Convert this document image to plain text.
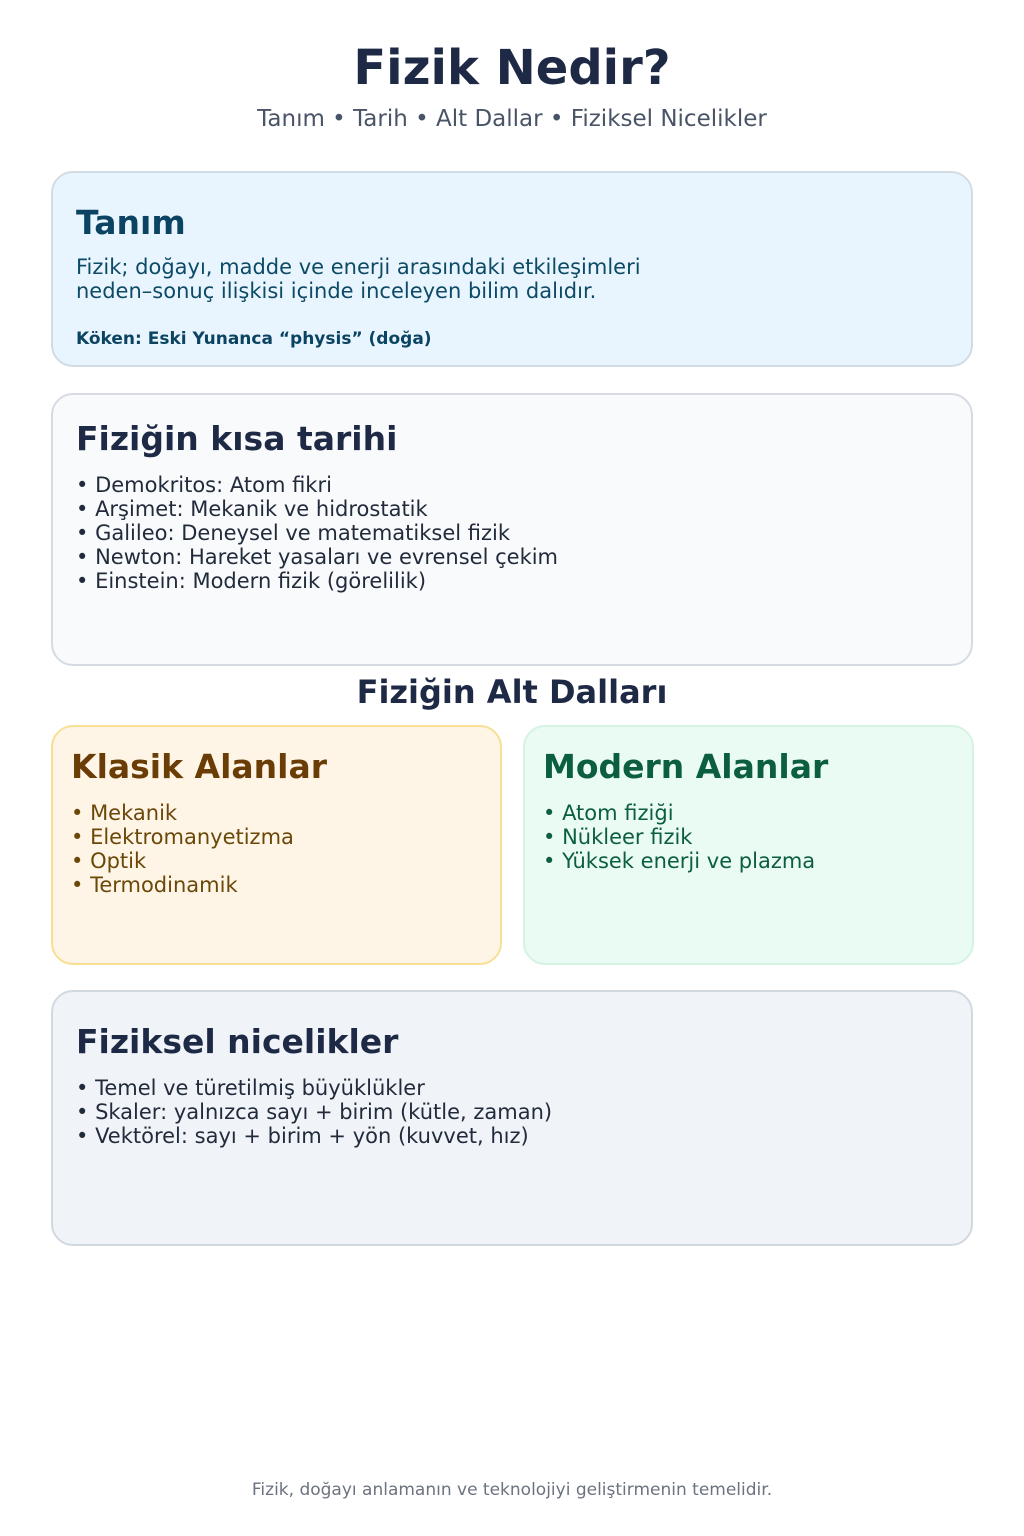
Fizik Nedir?
Tanım • Tarih • Alt Dallar • Fiziksel Nicelikler
Tanım

Fizik; doğayı, madde ve enerji arasındaki etkileşimleri neden–sonuç ilişkisi içinde inceleyen bilim dalıdır.

Köken: Eski Yunanca “physis” (doğa)

Fiziğin kısa tarihi
• Demokritos: Atom fikri
• Arşimet: Mekanik ve hidrostatik
• Galileo: Deneysel ve matematiksel fizik
• Newton: Hareket yasaları ve evrensel çekim
• Einstein: Modern fizik (görelilik)
Fiziğin Alt Dalları
Klasik Alanlar
• Mekanik
• Elektromanyetizma
• Optik
• Termodinamik
Modern Alanlar
• Atom fiziği
• Nükleer fizik
• Yüksek enerji ve plazma
Fiziksel nicelikler
• Temel ve türetilmiş büyüklükler
• Skaler: yalnızca sayı + birim (kütle, zaman)
• Vektörel: sayı + birim + yön (kuvvet, hız)
Fizik, doğayı anlamanın ve teknolojiyi geliştirmenin temelidir.
